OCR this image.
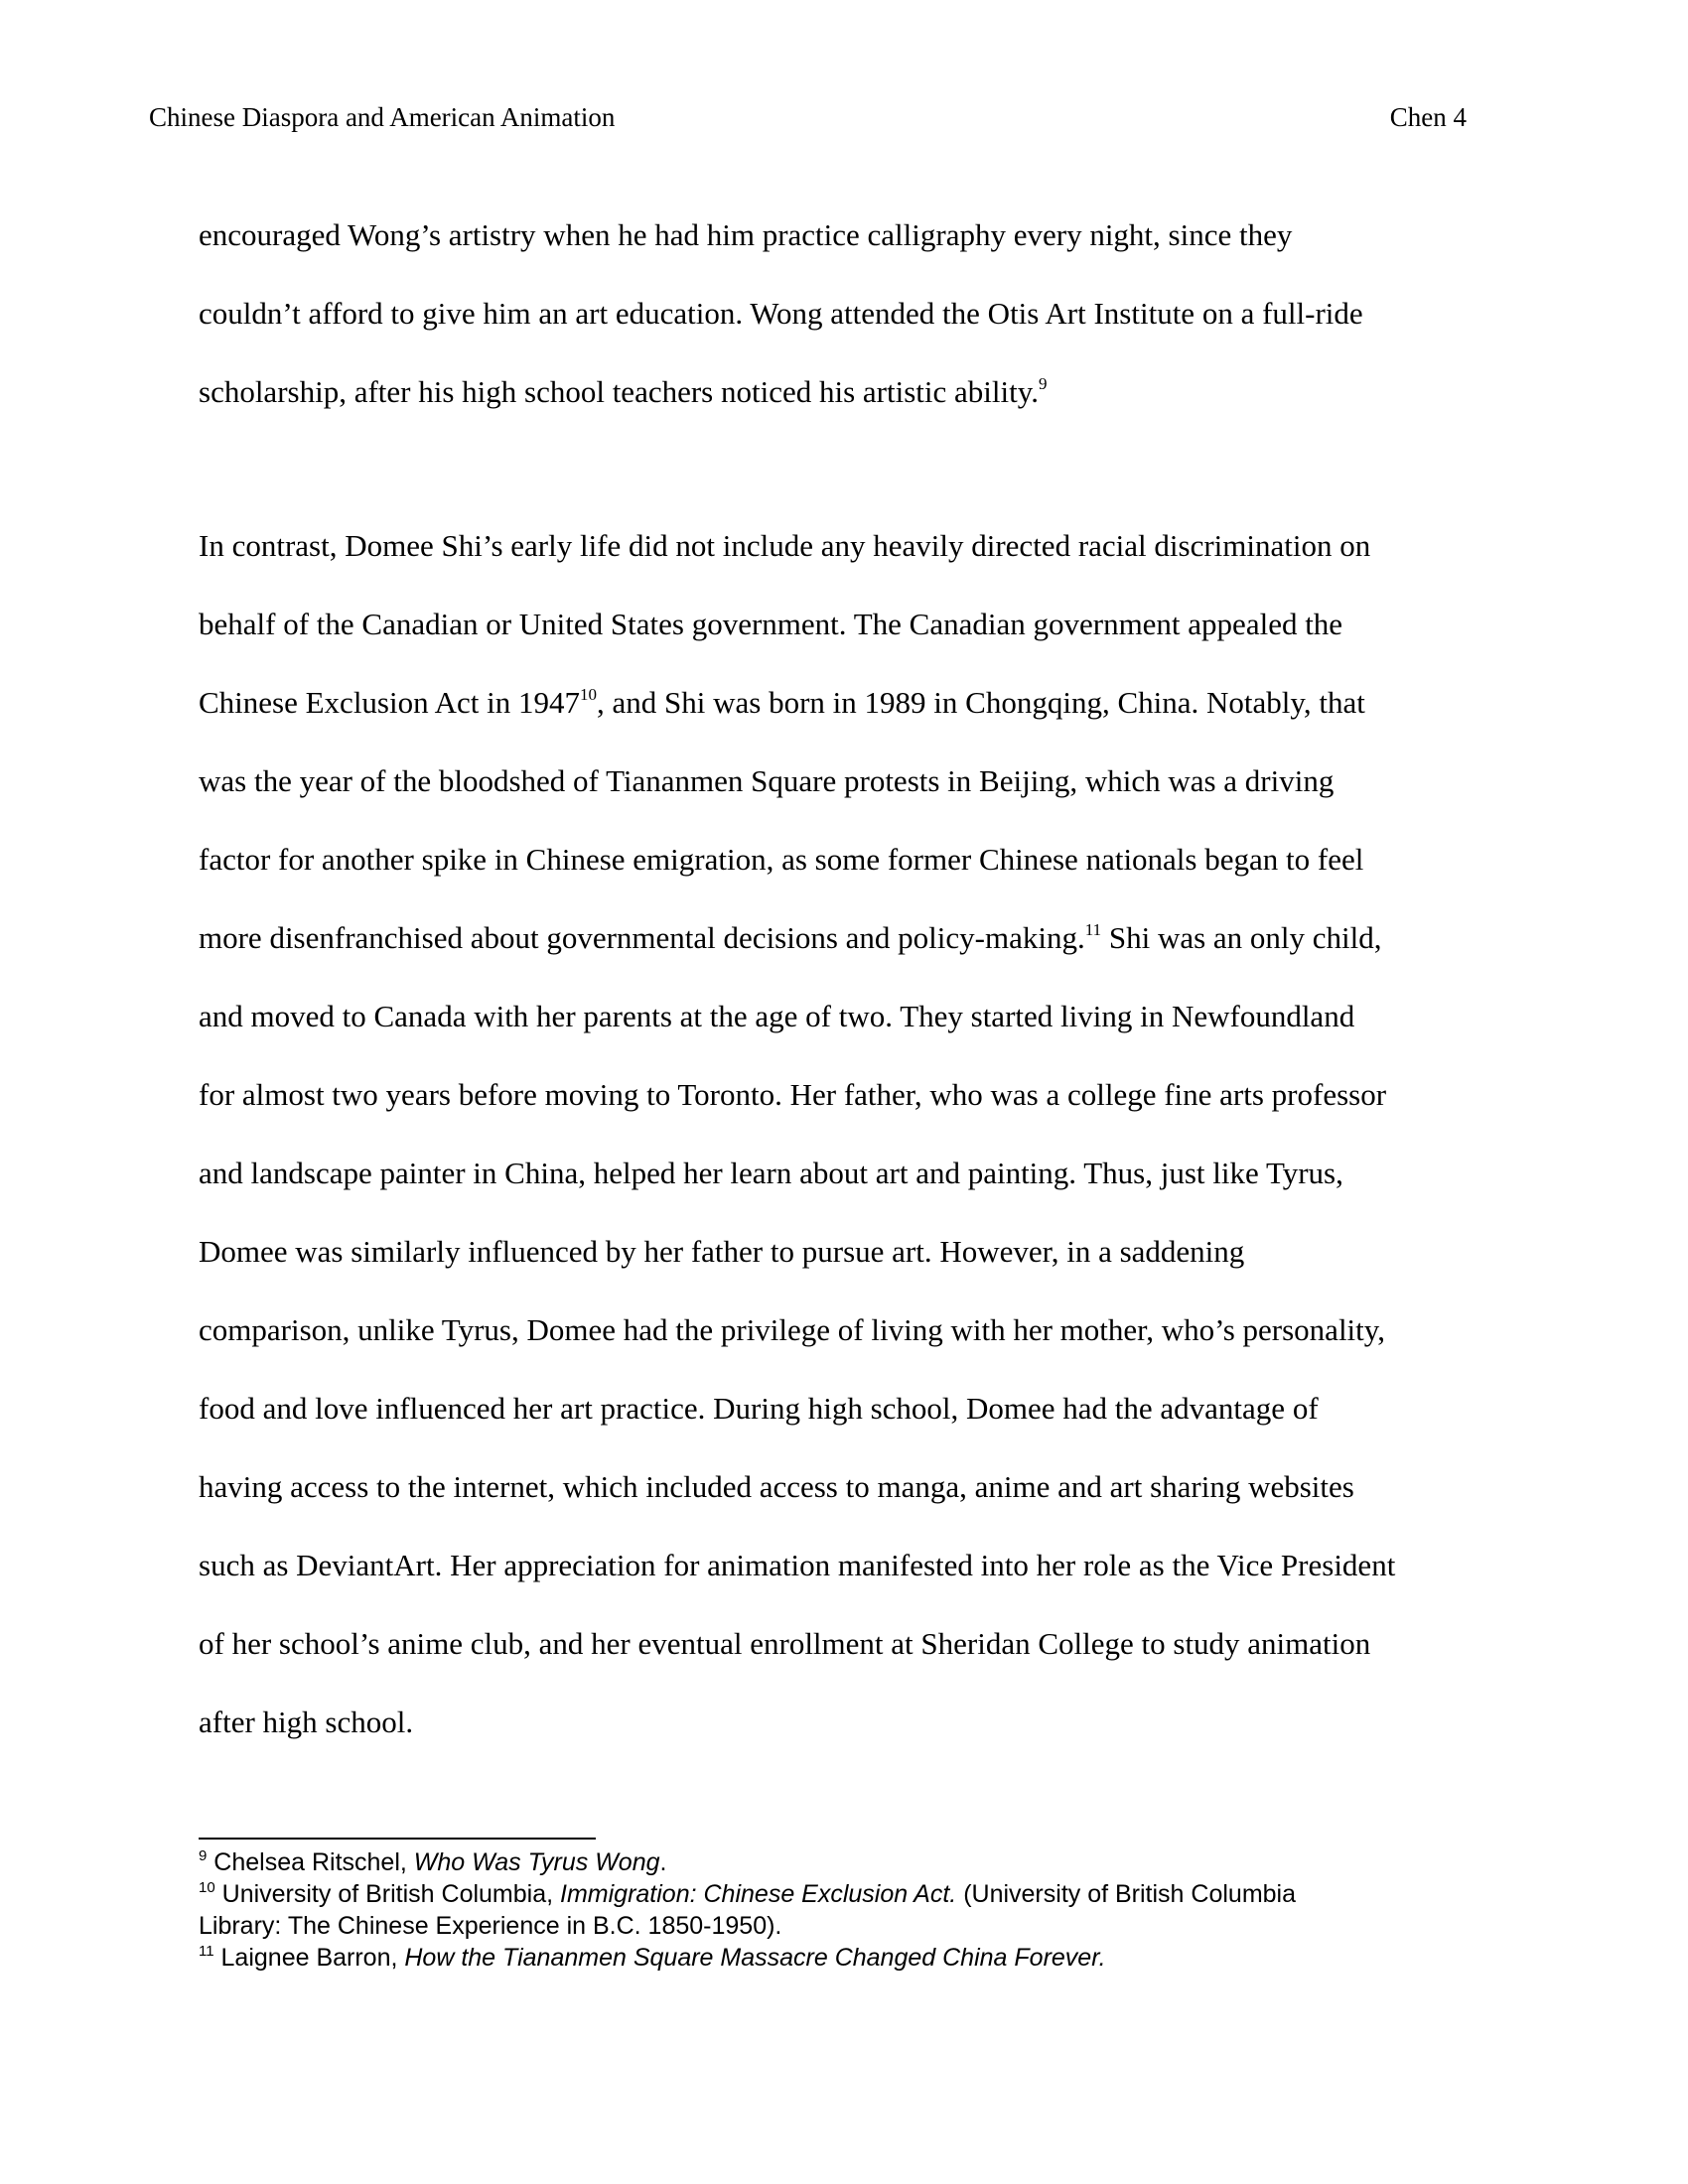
Chinese Diaspora and American Animation	Chen 4
encouraged Wong’s artistry when he had him practice calligraphy every night, since they
couldn’t afford to give him an art education. Wong attended the Otis Art Institute on a full-ride
scholarship, after his high school teachers noticed his artistic ability.$^9$
In contrast, Domee Shi’s early life did not include any heavily directed racial discrimination on
behalf of the Canadian or United States government. The Canadian government appealed the
Chinese Exclusion Act in 1947$^{10}$, and Shi was born in 1989 in Chongqing, China. Notably, that
was the year of the bloodshed of Tiananmen Square protests in Beijing, which was a driving
factor for another spike in Chinese emigration, as some former Chinese nationals began to feel
more disenfranchised about governmental decisions and policy-making.$^{11}$ Shi was an only child,
and moved to Canada with her parents at the age of two. They started living in Newfoundland
for almost two years before moving to Toronto. Her father, who was a college fine arts professor
and landscape painter in China, helped her learn about art and painting. Thus, just like Tyrus,
Domee was similarly influenced by her father to pursue art. However, in a saddening
comparison, unlike Tyrus, Domee had the privilege of living with her mother, who’s personality,
food and love influenced her art practice. During high school, Domee had the advantage of
having access to the internet, which included access to manga, anime and art sharing websites
such as DeviantArt. Her appreciation for animation manifested into her role as the Vice President
of her school’s anime club, and her eventual enrollment at Sheridan College to study animation
after high school.
$^9$ Chelsea Ritschel, Who Was Tyrus Wong.
$^{10}$ University of British Columbia, Immigration: Chinese Exclusion Act. (University of British Columbia
Library: The Chinese Experience in B.C. 1850-1950).
$^{11}$ Laignee Barron, How the Tiananmen Square Massacre Changed China Forever.
